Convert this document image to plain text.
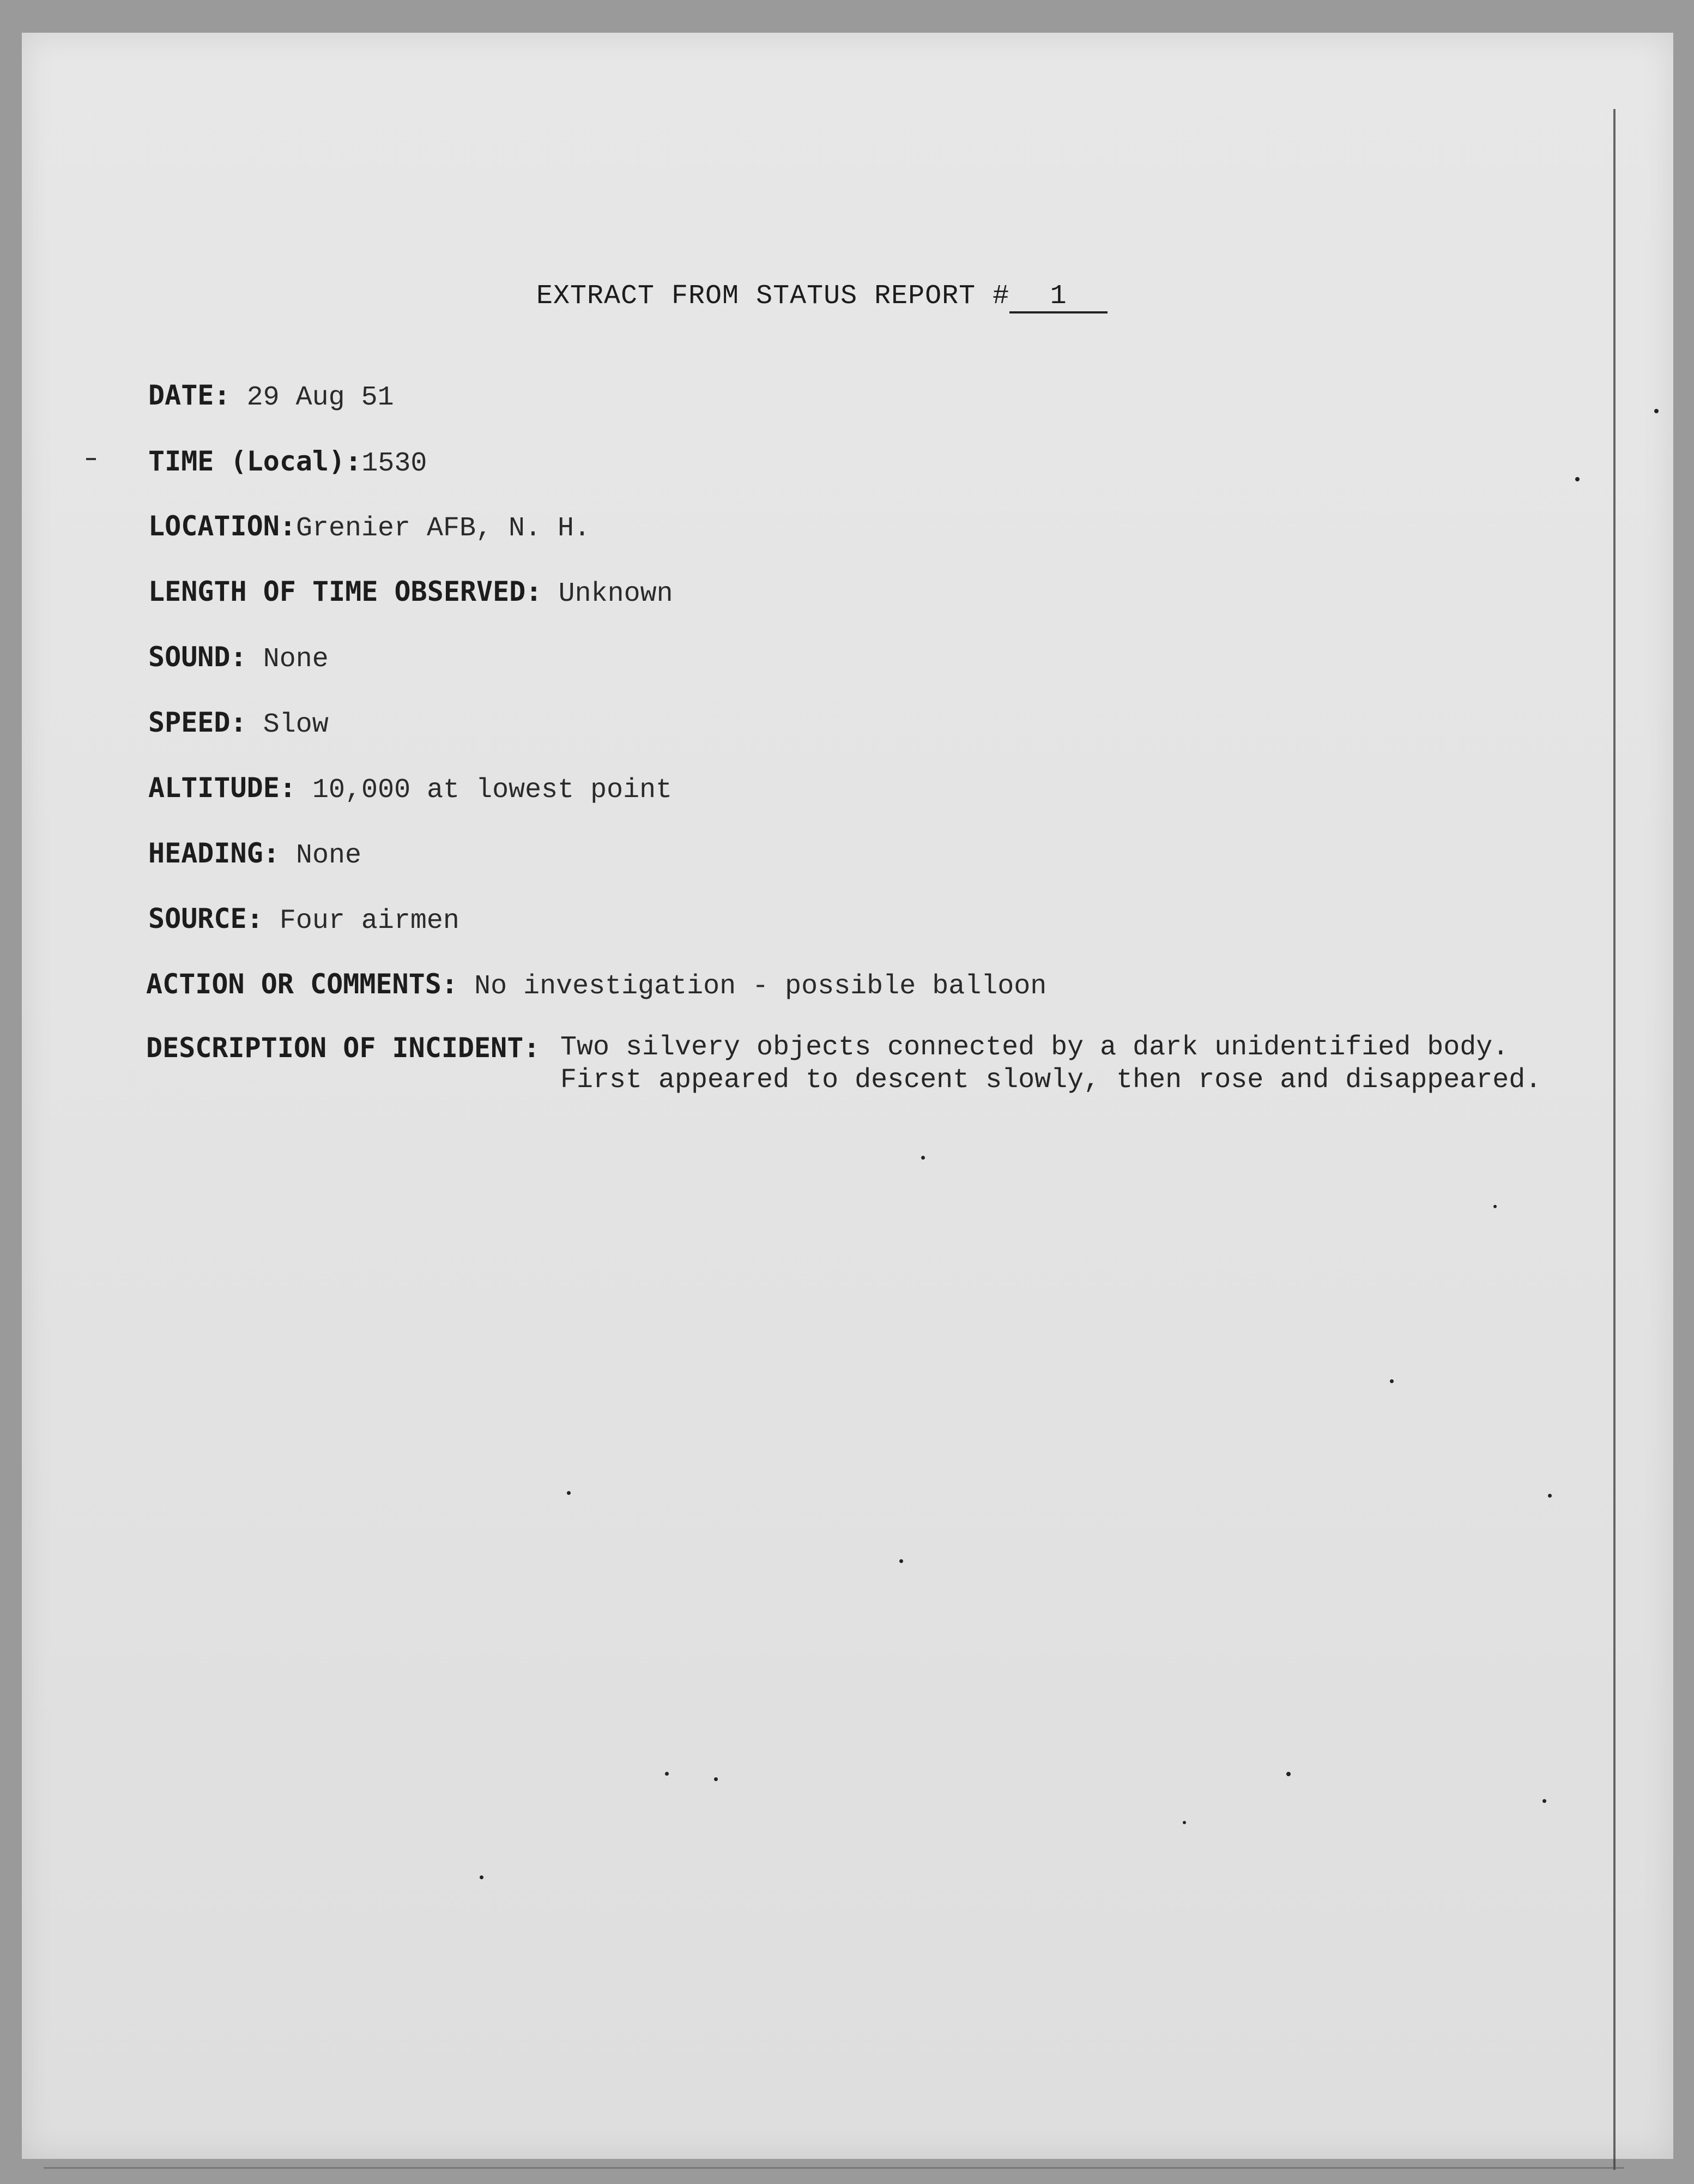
EXTRACT FROM STATUS REPORT # 1
DATE: 29 Aug 51
TIME (Local):1530
LOCATION:Grenier AFB, N. H.
LENGTH OF TIME OBSERVED: Unknown
SOUND: None
SPEED: Slow
ALTITUDE: 10,000 at lowest point
HEADING: None
SOURCE: Four airmen
ACTION OR COMMENTS: No investigation - possible balloon
DESCRIPTION OF INCIDENT: Two silvery objects connected by a dark unidentified body.
First appeared to descent slowly, then rose and disappeared.
